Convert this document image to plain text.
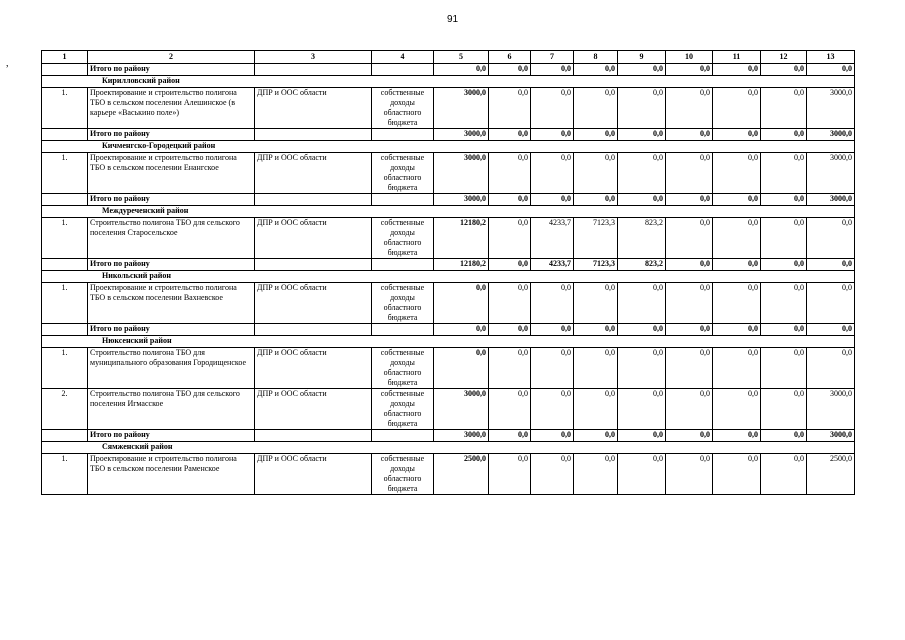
91
,
1	2	3	4	5	6	7	8	9	10	11	12	13
	Итого по району			0,0	0,0	0,0	0,0	0,0	0,0	0,0	0,0	0,0
Кирилловский район												
1.	Проектирование и строительство полигона ТБО в сельском поселении Алешинское (в карьере «Васькино поле»)	ДПР и ООС области	собственные доходы областного бюджета	3000,0	0,0	0,0	0,0	0,0	0,0	0,0	0,0	3000,0
	Итого по району			3000,0	0,0	0,0	0,0	0,0	0,0	0,0	0,0	3000,0
Кичменгско-Городецкий район												
1.	Проектирование и строительство полигона ТБО в сельском поселении Енангское	ДПР и ООС области	собственные доходы областного бюджета	3000,0	0,0	0,0	0,0	0,0	0,0	0,0	0,0	3000,0
	Итого по району			3000,0	0,0	0,0	0,0	0,0	0,0	0,0	0,0	3000,0
Междуреченский район												
1.	Строительство полигона ТБО для сельского поселения Старосельское	ДПР и ООС области	собственные доходы областного бюджета	12180,2	0,0	4233,7	7123,3	823,2	0,0	0,0	0,0	0,0
	Итого по району			12180,2	0,0	4233,7	7123,3	823,2	0,0	0,0	0,0	0,0
Никольский район												
1.	Проектирование и строительство полигона ТБО в сельском поселении Вахневское	ДПР и ООС области	собственные доходы областного бюджета	0,0	0,0	0,0	0,0	0,0	0,0	0,0	0,0	0,0
	Итого по району			0,0	0,0	0,0	0,0	0,0	0,0	0,0	0,0	0,0
Нюксенский район												
1.	Строительство полигона ТБО для муниципального образования Городищенское	ДПР и ООС области	собственные доходы областного бюджета	0,0	0,0	0,0	0,0	0,0	0,0	0,0	0,0	0,0
2.	Строительство полигона ТБО для сельского поселения Игмасское	ДПР и ООС области	собственные доходы областного бюджета	3000,0	0,0	0,0	0,0	0,0	0,0	0,0	0,0	3000,0
	Итого по району			3000,0	0,0	0,0	0,0	0,0	0,0	0,0	0,0	3000,0
Сямженский район												
1.	Проектирование и строительство полигона ТБО в сельском поселении Раменское	ДПР и ООС области	собственные доходы областного бюджета	2500,0	0,0	0,0	0,0	0,0	0,0	0,0	0,0	2500,0
